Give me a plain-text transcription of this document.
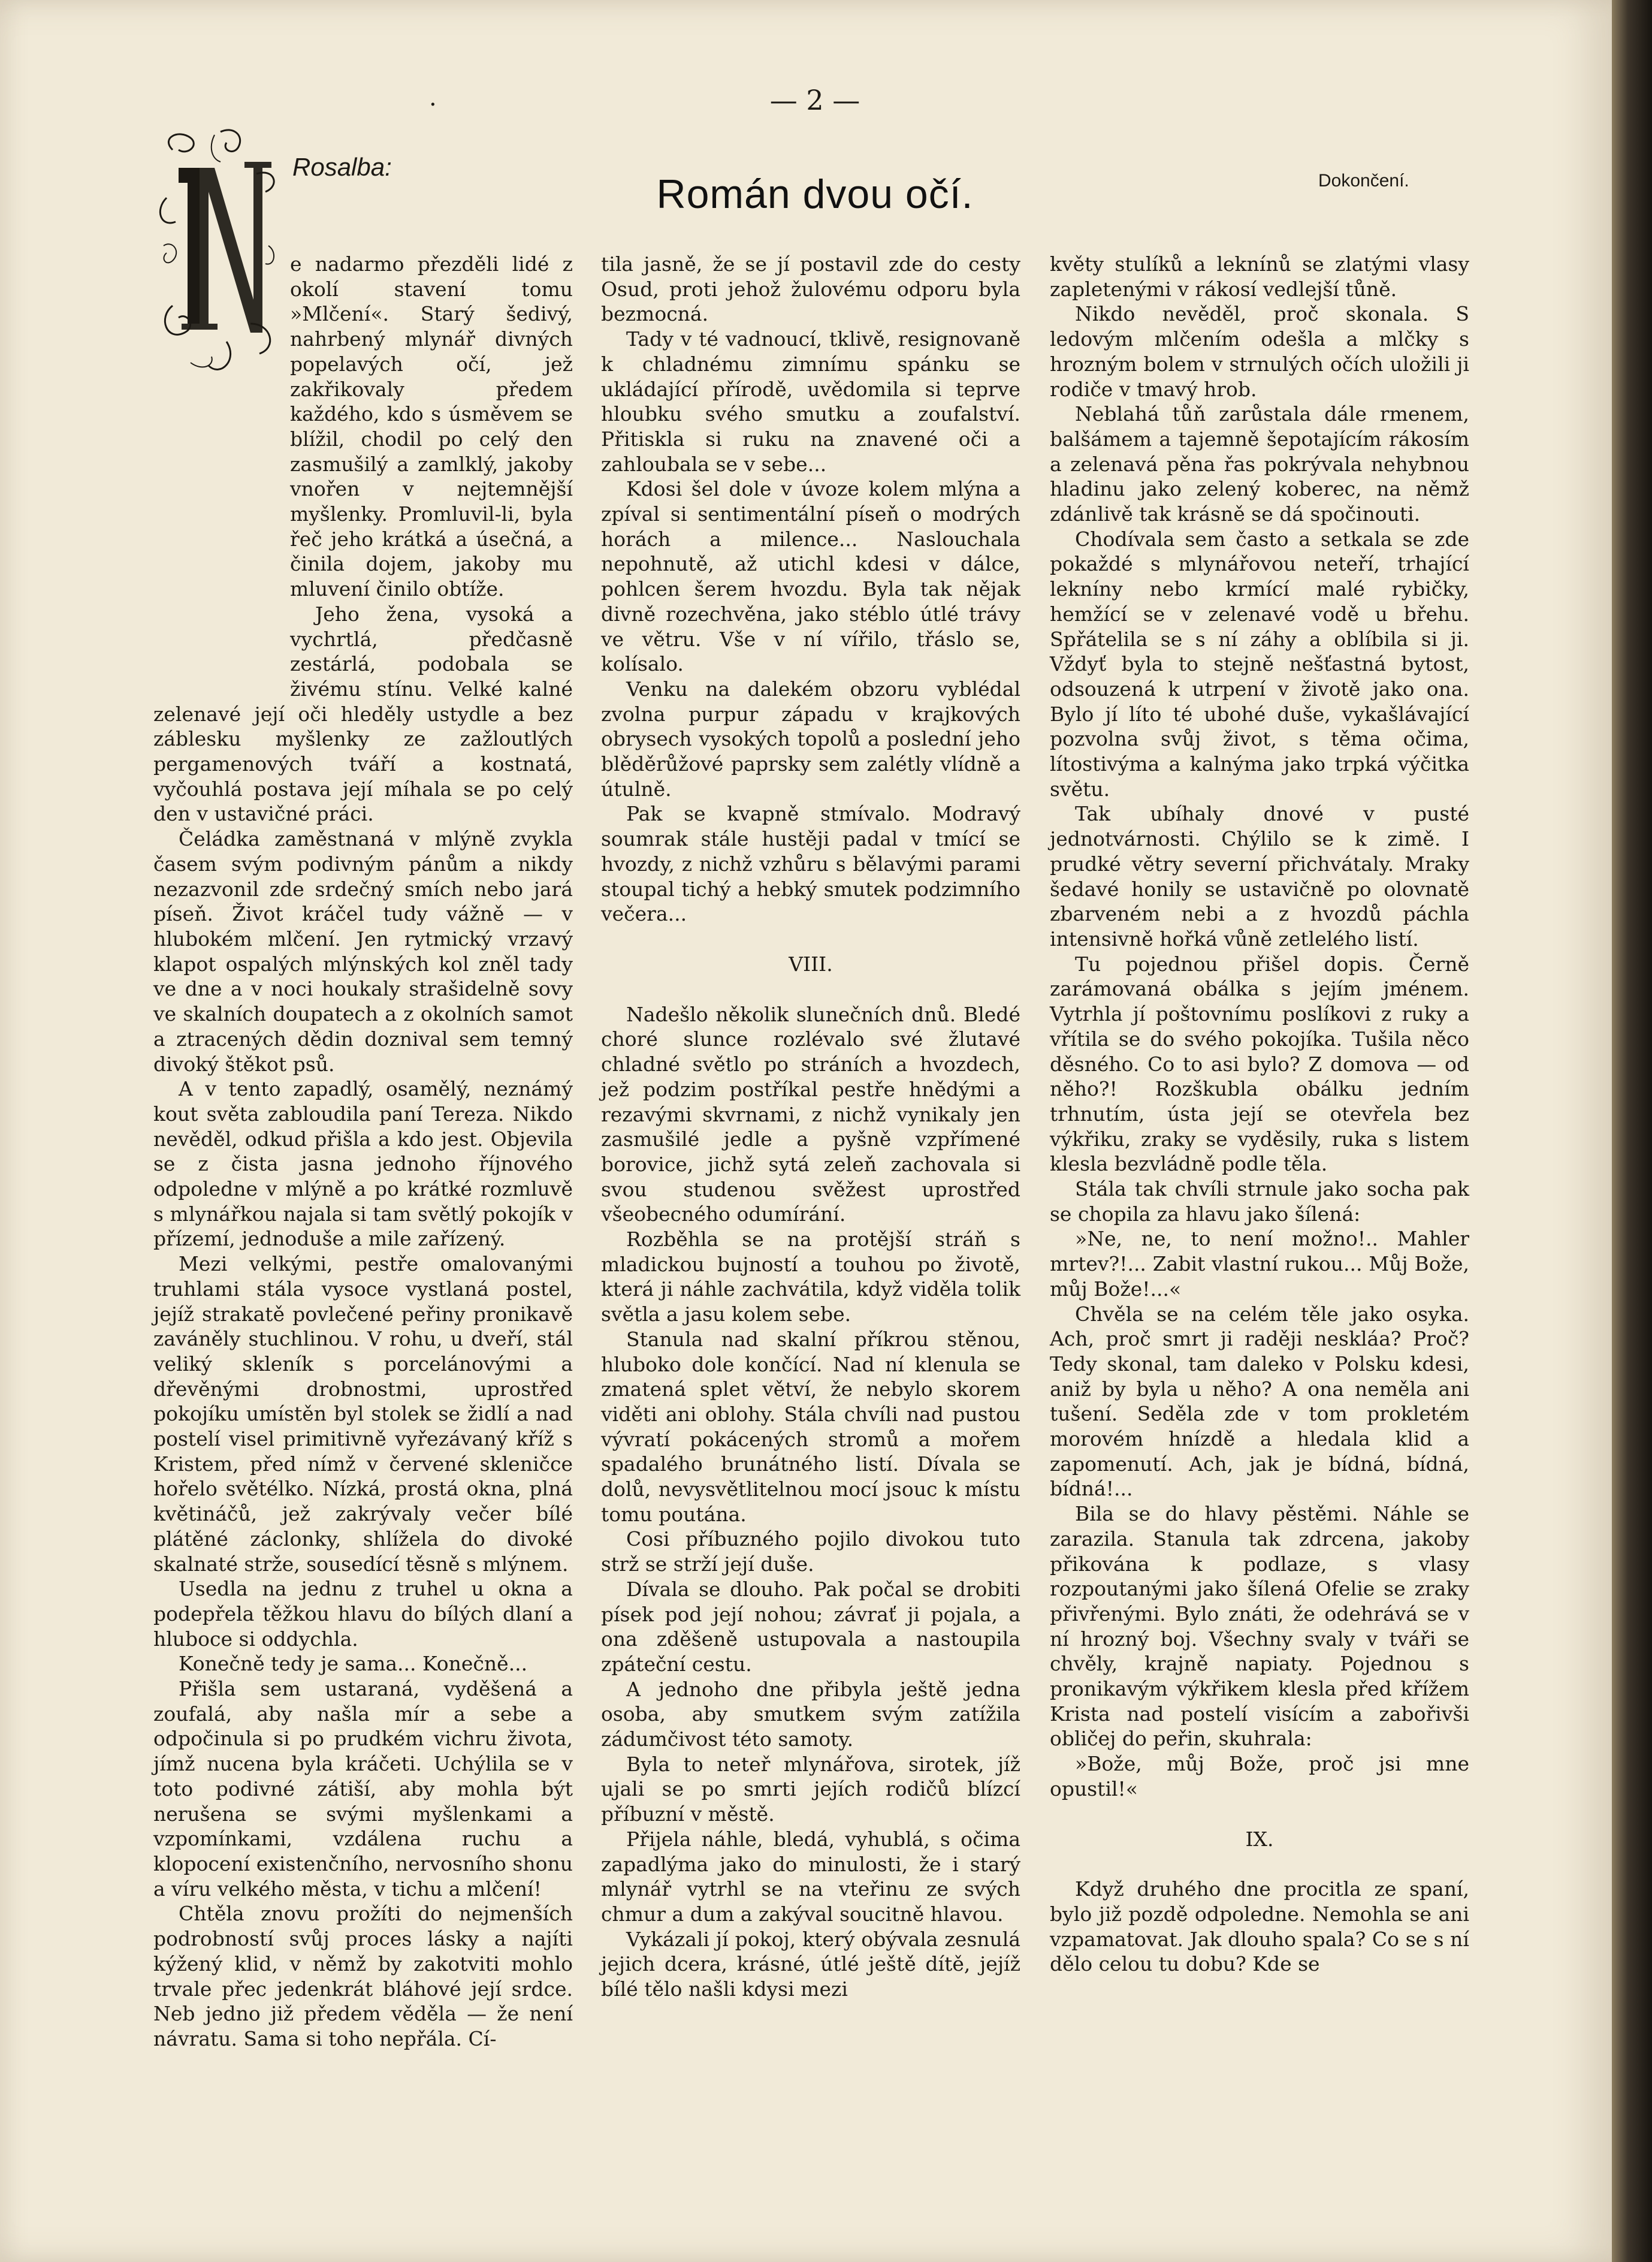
.	— 2 —
Rosalba:
Román dvou očí.	Dokončení.

e nadarmo přezděli lidé z okolí stavení tomu »Mlčení«. Starý šedivý, nahrbený mlynář divných popelavých očí, jež zakřikovaly předem každého, kdo s úsměvem se blížil, chodil po celý den zasmušilý a zamlklý, jakoby vnořen v nejtemnější myšlenky. Promluvil-li, byla řeč jeho krátká a úsečná, a činila dojem, jakoby mu mluvení činilo obtíže.

Jeho žena, vysoká a vychrtlá, předčasně zestárlá, podobala se živému stínu. Velké kalné zelenavé její oči hleděly ustydle a bez záblesku myšlenky ze zažloutlých pergamenových tváří a kostnatá, vyčouhlá postava její míhala se po celý den v ustavičné práci.

Čeládka zaměstnaná v mlýně zvykla časem svým podivným pánům a nikdy nezazvonil zde srdečný smích nebo jará píseň. Život kráčel tudy vážně — v hlubokém mlčení. Jen rytmický vrzavý klapot ospalých mlýnských kol zněl tady ve dne a v noci houkaly strašidelně sovy ve skalních doupatech a z okolních samot a ztracených dědin doznival sem temný divoký štěkot psů.

A v tento zapadlý, osamělý, neznámý kout světa zabloudila paní Tereza. Nikdo nevěděl, odkud přišla a kdo jest. Objevila se z čista jasna jednoho říjnového odpoledne v mlýně a po krátké rozmluvě s mlynářkou najala si tam světlý pokojík v přízemí, jednoduše a mile zařízený.

Mezi velkými, pestře omalovanými truhlami stála vysoce vystlaná postel, jejíž strakatě povlečené peřiny pronikavě zaváněly stuchlinou. V rohu, u dveří, stál veliký skleník s porcelánovými a dřevěnými drobnostmi, uprostřed pokojíku umístěn byl stolek se židlí a nad postelí visel primitivně vyřezávaný kříž s Kristem, před nímž v červené skleničce hořelo světélko. Nízká, prostá okna, plná květináčů, jež zakrývaly večer bílé plátěné záclonky, shlížela do divoké skalnaté strže, sousedící těsně s mlýnem.

Usedla na jednu z truhel u okna a podepřela těžkou hlavu do bílých dlaní a hluboce si oddychla.

Konečně tedy je sama... Konečně...

Přišla sem ustaraná, vyděšená a zoufalá, aby našla mír a sebe a odpočinula si po prudkém vichru života, jímž nucena byla kráčeti. Uchýlila se v toto podivné zátiší, aby mohla být nerušena se svými myšlenkami a vzpomínkami, vzdálena ruchu a klopocení existenčního, nervosního shonu a víru velkého města, v tichu a mlčení!

Chtěla znovu prožíti do nejmenších podrobností svůj proces lásky a najíti kýžený klid, v němž by zakotviti mohlo trvale přec jedenkrát bláhové její srdce. Neb jedno již předem věděla — že není návratu. Sama si toho nepřála. Cí-

tila jasně, že se jí postavil zde do cesty Osud, proti jehož žulovému odporu byla bezmocná.

Tady v té vadnoucí, tklivě, resignovaně k chladnému zimnímu spánku se ukládající přírodě, uvědomila si teprve hloubku svého smutku a zoufalství. Přitiskla si ruku na znavené oči a zahloubala se v sebe...

Kdosi šel dole v úvoze kolem mlýna a zpíval si sentimentální píseň o modrých horách a milence... Naslouchala nepohnutě, až utichl kdesi v dálce, pohlcen šerem hvozdu. Byla tak nějak divně rozechvěna, jako stéblo útlé trávy ve větru. Vše v ní vířilo, třáslo se, kolísalo.

Venku na dalekém obzoru vyblédal zvolna purpur západu v krajkových obrysech vysokých topolů a poslední jeho blěděrůžové paprsky sem zalétly vlídně a útulně.

Pak se kvapně stmívalo. Modravý soumrak stále hustěji padal v tmící se hvozdy, z nichž vzhůru s bělavými parami stoupal tichý a hebký smutek podzimního večera...

VIII.

Nadešlo několik slunečních dnů. Bledé choré slunce rozlévalo své žlutavé chladné světlo po stráních a hvozdech, jež podzim postříkal pestře hnědými a rezavými skvrnami, z nichž vynikaly jen zasmušilé jedle a pyšně vzpřímené borovice, jichž sytá zeleň zachovala si svou studenou svěžest uprostřed všeobecného odumírání.

Rozběhla se na protější stráň s mladickou bujností a touhou po životě, která ji náhle zachvátila, když viděla tolik světla a jasu kolem sebe.

Stanula nad skalní příkrou stěnou, hluboko dole končící. Nad ní klenula se zmatená splet větví, že nebylo skorem viděti ani oblohy. Stála chvíli nad pustou vývratí pokácených stromů a mořem spadalého brunátného listí. Dívala se dolů, nevysvětlitelnou mocí jsouc k místu tomu poutána.

Cosi příbuzného pojilo divokou tuto strž se strží její duše.

Dívala se dlouho. Pak počal se drobiti písek pod její nohou; závrať ji pojala, a ona zděšeně ustupovala a nastoupila zpáteční cestu.

A jednoho dne přibyla ještě jedna osoba, aby smutkem svým zatížila zádumčivost této samoty.

Byla to neteř mlynářova, sirotek, jíž ujali se po smrti jejích rodičů blízcí příbuzní v městě.

Přijela náhle, bledá, vyhublá, s očima zapadlýma jako do minulosti, že i starý mlynář vytrhl se na vteřinu ze svých chmur a dum a zakýval soucitně hlavou.

Vykázali jí pokoj, který obývala zesnulá jejich dcera, krásné, útlé ještě dítě, jejíž bílé tělo našli kdysi mezi

květy stulíků a leknínů se zlatými vlasy zapletenými v rákosí vedlejší tůně.

Nikdo nevěděl, proč skonala. S ledovým mlčením odešla a mlčky s hrozným bolem v strnulých očích uložili ji rodiče v tmavý hrob.

Neblahá tůň zarůstala dále rmenem, balšámem a tajemně šepotajícím rákosím a zelenavá pěna řas pokrývala nehybnou hladinu jako zelený koberec, na němž zdánlivě tak krásně se dá spočinouti.

Chodívala sem často a setkala se zde pokaždé s mlynářovou neteří, trhající lekníny nebo krmící malé rybičky, hemžící se v zelenavé vodě u břehu. Spřátelila se s ní záhy a oblíbila si ji. Vždyť byla to stejně nešťastná bytost, odsouzená k utrpení v životě jako ona. Bylo jí líto té ubohé duše, vykašlávající pozvolna svůj život, s těma očima, lítostivýma a kalnýma jako trpká výčitka světu.

Tak ubíhaly dnové v pusté jednotvárnosti. Chýlilo se k zimě. I prudké větry severní přichvátaly. Mraky šedavé honily se ustavičně po olovnatě zbarveném nebi a z hvozdů páchla intensivně hořká vůně zetlelého listí.

Tu pojednou přišel dopis. Černě zarámovaná obálka s jejím jménem. Vytrhla jí poštovnímu poslíkovi z ruky a vřítila se do svého pokojíka. Tušila něco děsného. Co to asi bylo? Z domova — od něho?! Rozškubla obálku jedním trhnutím, ústa její se otevřela bez výkřiku, zraky se vyděsily, ruka s listem klesla bezvládně podle těla.

Stála tak chvíli strnule jako socha pak se chopila za hlavu jako šílená:

»Ne, ne, to není možno!.. Mahler mrtev?!... Zabit vlastní rukou... Můj Bože, můj Bože!...«

Chvěla se na celém těle jako osyka. Ach, proč smrt ji raději neskláa? Proč? Tedy skonal, tam daleko v Polsku kdesi, aniž by byla u něho? A ona neměla ani tušení. Seděla zde v tom prokletém morovém hnízdě a hledala klid a zapomenutí. Ach, jak je bídná, bídná, bídná!...

Bila se do hlavy pěstěmi. Náhle se zarazila. Stanula tak zdrcena, jakoby přikována k podlaze, s vlasy rozpoutanými jako šílená Ofelie se zraky přivřenými. Bylo znáti, že odehrává se v ní hrozný boj. Všechny svaly v tváři se chvěly, krajně napiaty. Pojednou s pronikavým výkřikem klesla před křížem Krista nad postelí visícím a zabořivši obličej do peřin, skuhrala:

»Bože, můj Bože, proč jsi mne opustil!«

IX.

Když druhého dne procitla ze spaní, bylo již pozdě odpoledne. Nemohla se ani vzpamatovat. Jak dlouho spala? Co se s ní dělo celou tu dobu? Kde se
